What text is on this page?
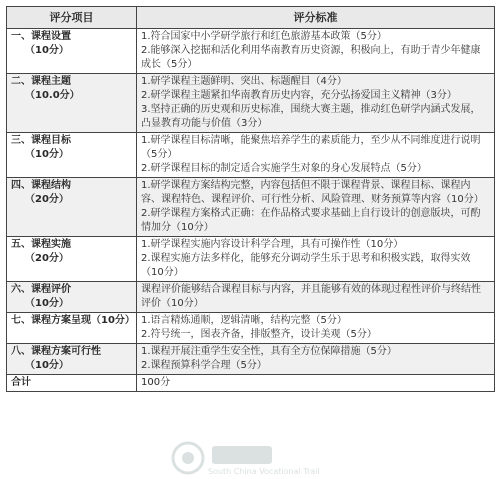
评分项目	评分标准

一、课程设置
（10分）	1.符合国家中小学研学旅行和红色旅游基本政策（5分）
2.能够深入挖掘和活化利用华南教育历史资源，积极向上，有助于青少年健康成长（5分）

二、课程主题
（10.0分）	1.研学课程主题鲜明、突出、标题醒目（4分）
2.研学课程主题紧扣华南教育历史内容，充分弘扬爱国主义精神（3分）
3.坚持正确的历史观和历史标准，围绕大赛主题，推动红色研学内涵式发展，凸显教育功能与价值（3分）

三、课程目标
（10分）	1.研学课程目标清晰，能聚焦培养学生的素质能力，至少从不同维度进行说明（5分）
2.研学课程目标的制定适合实施学生对象的身心发展特点（5分）

四、课程结构
（20分）	1.研学课程方案结构完整，内容包括但不限于课程背景、课程目标、课程内容、课程特色、课程评价、可行性分析、风险管理、财务预算等内容（10分）
2.研学课程方案格式正确：在作品格式要求基础上自行设计的创意版块，可酌情加分（10分）

五、课程实施
（20分）	1.研学课程实施内容设计科学合理，具有可操作性（10分）
2.课程实施方法多样化，能够充分调动学生乐于思考和积极实践，取得实效（10分）

六、课程评价
（10分）	课程评价能够结合课程目标与内容，并且能够有效的体现过程性评价与终结性评价（10分）

七、课程方案呈现（10分）	1.语言精炼通顺，逻辑清晰，结构完整（5分）
2.符号统一，图表齐备，排版整齐，设计美观（5分）

八、课程方案可行性
（10分）	1.课程开展注重学生安全性，具有全方位保障措施（5分）
2.课程预算科学合理（5分）

合计	100分
South China Vocational Trail
